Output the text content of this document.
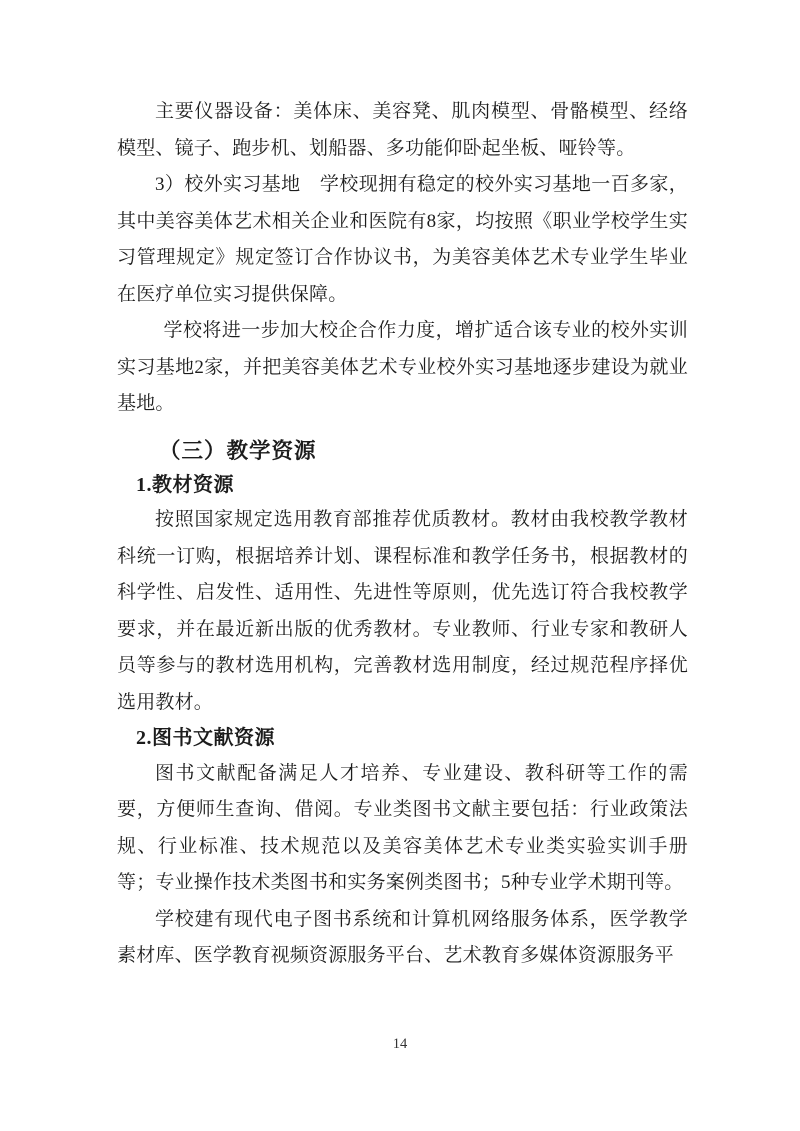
主要仪器设备：美体床、美容凳、肌肉模型、骨骼模型、经络模型、镜子、跑步机、划船器、多功能仰卧起坐板、哑铃等。

3）校外实习基地　学校现拥有稳定的校外实习基地一百多家，其中美容美体艺术相关企业和医院有8家，均按照《职业学校学生实习管理规定》规定签订合作协议书，为美容美体艺术专业学生毕业在医疗单位实习提供保障。

学校将进一步加大校企合作力度，增扩适合该专业的校外实训实习基地2家，并把美容美体艺术专业校外实习基地逐步建设为就业基地。

（三）教学资源
1.教材资源

按照国家规定选用教育部推荐优质教材。教材由我校教学教材科统一订购，根据培养计划、课程标准和教学任务书，根据教材的科学性、启发性、适用性、先进性等原则，优先选订符合我校教学要求，并在最近新出版的优秀教材。专业教师、行业专家和教研人员等参与的教材选用机构，完善教材选用制度，经过规范程序择优选用教材。

2.图书文献资源

图书文献配备满足人才培养、专业建设、教科研等工作的需要，方便师生查询、借阅。专业类图书文献主要包括：行业政策法规、行业标准、技术规范以及美容美体艺术专业类实验实训手册等；专业操作技术类图书和实务案例类图书；5种专业学术期刊等。

学校建有现代电子图书系统和计算机网络服务体系，医学教学素材库、医学教育视频资源服务平台、艺术教育多媒体资源服务平

14
